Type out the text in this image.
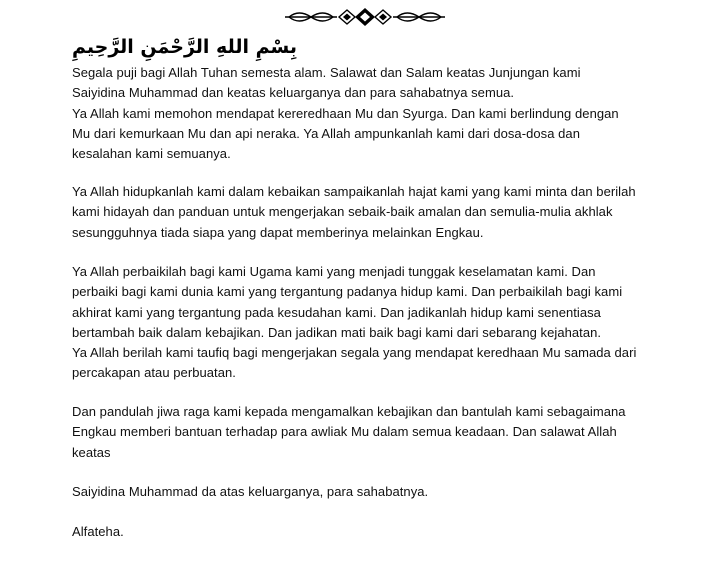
بِسْمِ اللهِ الرَّحْمَنِ الرَّحِيمِ
Segala puji bagi Allah Tuhan semesta alam. Salawat dan Salam keatas Junjungan kami
Saiyidina Muhammad dan keatas keluarganya dan para sahabatnya semua.
Ya Allah kami memohon mendapat kereredhaan Mu dan Syurga. Dan kami berlindung dengan
Mu dari kemurkaan Mu dan api neraka. Ya Allah ampunkanlah kami dari dosa-dosa dan
kesalahan kami semuanya.
Ya Allah hidupkanlah kami dalam kebaikan sampaikanlah hajat kami yang kami minta dan berilah
kami hidayah dan panduan untuk mengerjakan sebaik-baik amalan dan semulia-mulia akhlak
sesungguhnya tiada siapa yang dapat memberinya melainkan Engkau.
Ya Allah perbaikilah bagi kami Ugama kami yang menjadi tunggak keselamatan kami. Dan
perbaiki bagi kami dunia kami yang tergantung padanya hidup kami. Dan perbaikilah bagi kami
akhirat kami yang tergantung pada kesudahan kami. Dan jadikanlah hidup kami senentiasa
bertambah baik dalam kebajikan. Dan jadikan mati baik bagi kami dari sebarang kejahatan.
Ya Allah berilah kami taufiq bagi mengerjakan segala yang mendapat keredhaan Mu samada dari
percakapan atau perbuatan.
Dan pandulah jiwa raga kami kepada mengamalkan kebajikan dan bantulah kami sebagaimana
Engkau memberi bantuan terhadap para awliak Mu dalam semua keadaan. Dan salawat Allah
keatas
Saiyidina Muhammad da atas keluarganya, para sahabatnya.
Alfateha.
